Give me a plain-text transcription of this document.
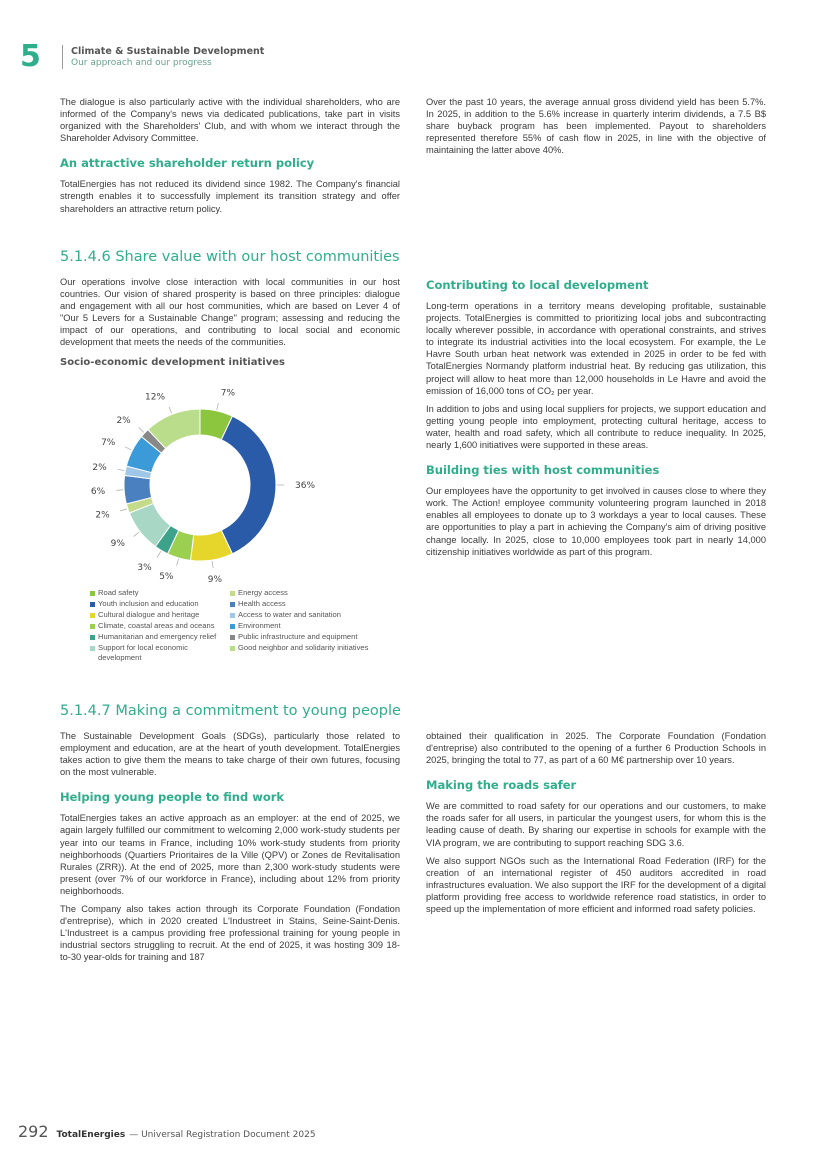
5	Climate & Sustainable Development
Our approach and our progress

The dialogue is also particularly active with the individual shareholders, who are informed of the Company's news via dedicated publications, take part in visits organized with the Shareholders' Club, and with whom we interact through the Shareholder Advisory Committee.

An attractive shareholder return policy

TotalEnergies has not reduced its dividend since 1982. The Company's financial strength enables it to successfully implement its transition strategy and offer shareholders an attractive return policy.

Over the past 10 years, the average annual gross dividend yield has been 5.7%. In 2025, in addition to the 5.6% increase in quarterly interim dividends, a 7.5 B$ share buyback program has been implemented. Payout to shareholders represented therefore 55% of cash flow in 2025, in line with the objective of maintaining the latter above 40%.

5.1.4.6 Share value with our host communities

Our operations involve close interaction with local communities in our host countries. Our vision of shared prosperity is based on three principles: dialogue and engagement with all our host communities, which are based on Lever 4 of "Our 5 Levers for a Sustainable Change" program; assessing and reducing the impact of our operations, and contributing to local social and economic development that meets the needs of the communities.

Socio-economic development initiatives
7%
36%
9%
5%
3%
9%
2%
6%
2%
7%
2%
12%
Road safety	Energy access
Youth inclusion and education	Health access
Cultural dialogue and heritage	Access to water and sanitation
Climate, coastal areas and oceans	Environment
Humanitarian and emergency relief	Public infrastructure and equipment
Support for local economic development
Good neighbor and solidarity initiatives
Contributing to local development

Long-term operations in a territory means developing profitable, sustainable projects. TotalEnergies is committed to prioritizing local jobs and subcontracting locally wherever possible, in accordance with operational constraints, and strives to integrate its industrial activities into the local ecosystem. For example, the Le Havre South urban heat network was extended in 2025 in order to be fed with TotalEnergies Normandy platform industrial heat. By reducing gas utilization, this project will allow to heat more than 12,000 households in Le Havre and avoid the emission of 16,000 tons of CO₂ per year.

In addition to jobs and using local suppliers for projects, we support education and getting young people into employment, protecting cultural heritage, access to water, health and road safety, which all contribute to reduce inequality. In 2025, nearly 1,600 initiatives were supported in these areas.

Building ties with host communities

Our employees have the opportunity to get involved in causes close to where they work. The Action! employee community volunteering program launched in 2018 enables all employees to donate up to 3 workdays a year to local causes. These are opportunities to play a part in achieving the Company's aim of driving positive change locally. In 2025, close to 10,000 employees took part in nearly 14,000 citizenship initiatives worldwide as part of this program.

5.1.4.7 Making a commitment to young people

The Sustainable Development Goals (SDGs), particularly those related to employment and education, are at the heart of youth development. TotalEnergies takes action to give them the means to take charge of their own futures, focusing on the most vulnerable.

Helping young people to find work

TotalEnergies takes an active approach as an employer: at the end of 2025, we again largely fulfilled our commitment to welcoming 2,000 work-study students per year into our teams in France, including 10% work-study students from priority neighborhoods (Quartiers Prioritaires de la Ville (QPV) or Zones de Revitalisation Rurales (ZRR)). At the end of 2025, more than 2,300 work-study students were present (over 7% of our workforce in France), including about 12% from priority neighborhoods.

The Company also takes action through its Corporate Foundation (Fondation d'entreprise), which in 2020 created L'Industreet in Stains, Seine-Saint-Denis. L'Industreet is a campus providing free professional training for young people in industrial sectors struggling to recruit. At the end of 2025, it was hosting 309 18- to-30 year-olds for training and 187

obtained their qualification in 2025. The Corporate Foundation (Fondation d'entreprise) also contributed to the opening of a further 6 Production Schools in 2025, bringing the total to 77, as part of a 60 M€ partnership over 10 years.

Making the roads safer

We are committed to road safety for our operations and our customers, to make the roads safer for all users, in particular the youngest users, for whom this is the leading cause of death. By sharing our expertise in schools for example with the VIA program, we are contributing to support reaching SDG 3.6.

We also support NGOs such as the International Road Federation (IRF) for the creation of an international register of 450 auditors accredited in road infrastructures evaluation. We also support the IRF for the development of a digital platform providing free access to worldwide reference road statistics, in order to speed up the implementation of more efficient and informed road safety policies.

292 TotalEnergies — Universal Registration Document 2025
